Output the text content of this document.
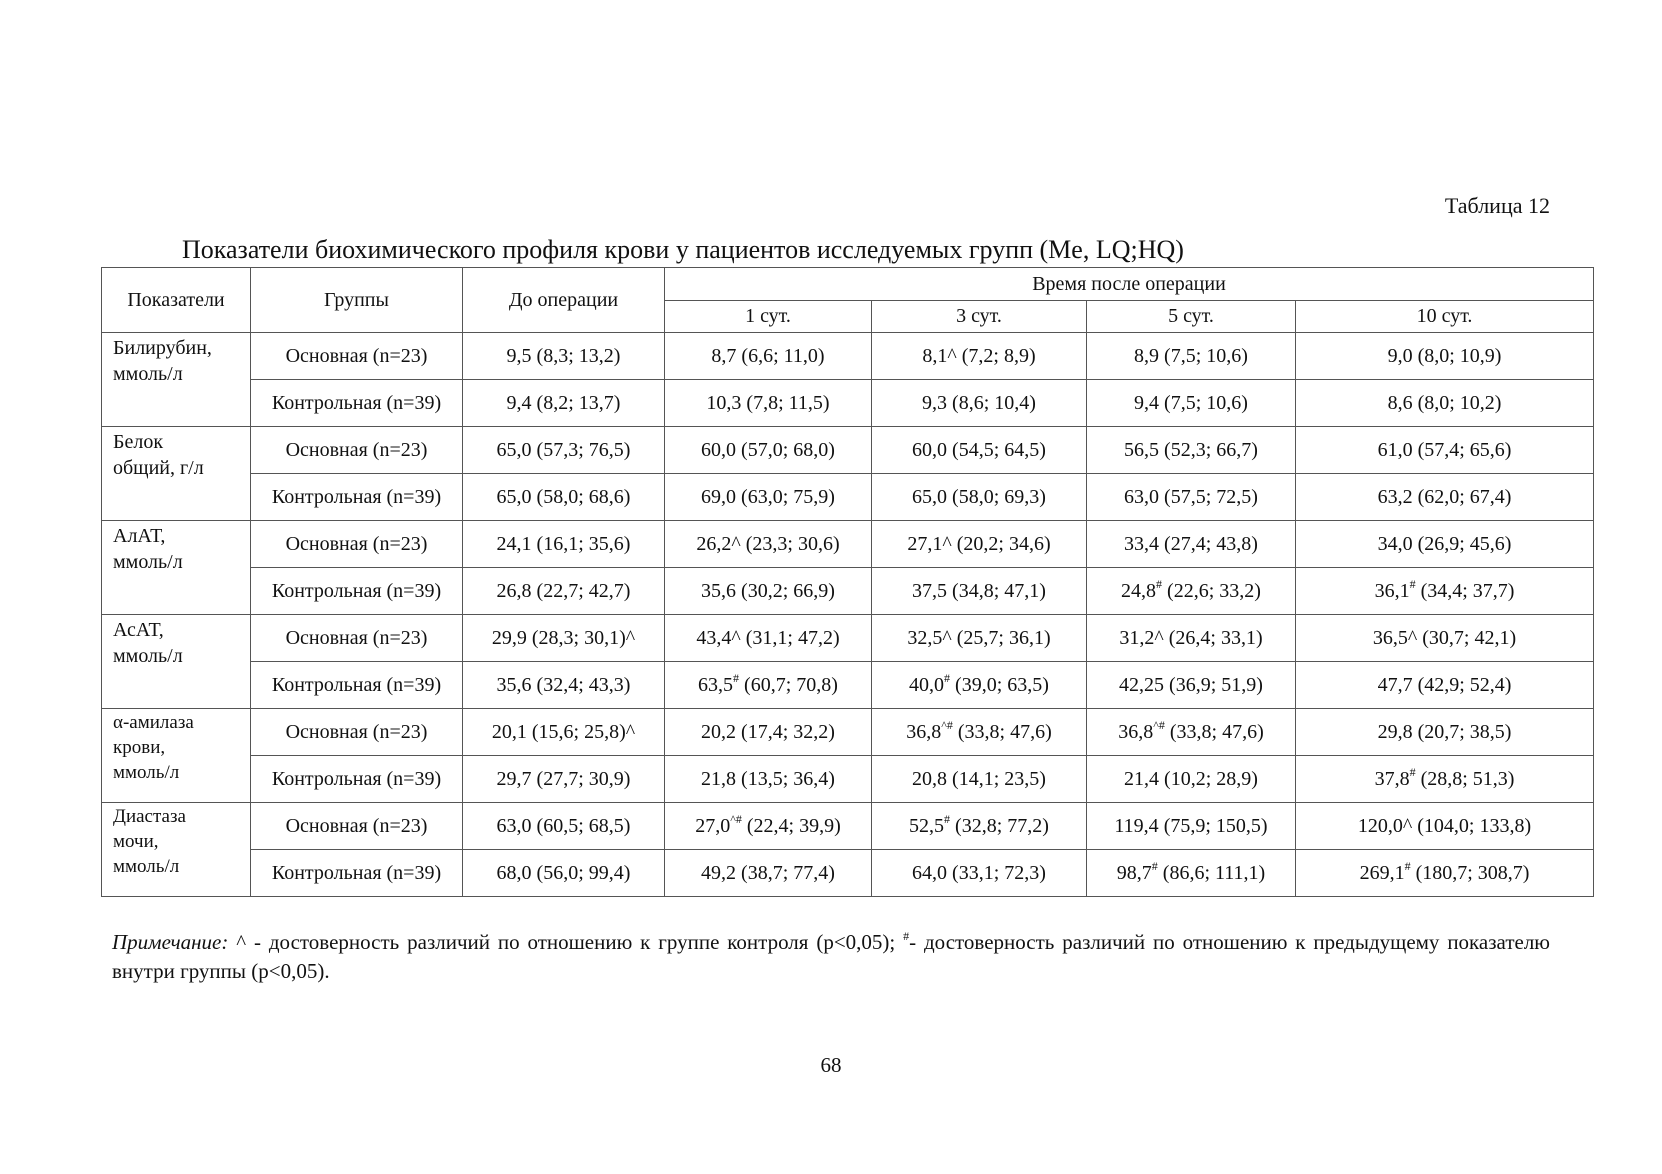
Таблица 12
Показатели биохимического профиля крови у пациентов исследуемых групп (Me, LQ;HQ)
Показатели	Группы	До операции	Время после операции			
			1 сут.	3 сут.	5 сут.	10 сут.

Билирубин,
ммоль/л	Основная (n=23)	9,5 (8,3; 13,2)	8,7 (6,6; 11,0)	8,1^ (7,2; 8,9)	8,9 (7,5; 10,6)	9,0 (8,0; 10,9)
	Контрольная (n=39)	9,4 (8,2; 13,7)	10,3 (7,8; 11,5)	9,3 (8,6; 10,4)	9,4 (7,5; 10,6)	8,6 (8,0; 10,2)

Белок
общий, г/л	Основная (n=23)	65,0 (57,3; 76,5)	60,0 (57,0; 68,0)	60,0 (54,5; 64,5)	56,5 (52,3; 66,7)	61,0 (57,4; 65,6)
	Контрольная (n=39)	65,0 (58,0; 68,6)	69,0 (63,0; 75,9)	65,0 (58,0; 69,3)	63,0 (57,5; 72,5)	63,2 (62,0; 67,4)

АлАТ,
ммоль/л	Основная (n=23)	24,1 (16,1; 35,6)	26,2^ (23,3; 30,6)	27,1^ (20,2; 34,6)	33,4 (27,4; 43,8)	34,0 (26,9; 45,6)
	Контрольная (n=39)	26,8 (22,7; 42,7)	35,6 (30,2; 66,9)	37,5 (34,8; 47,1)	24,8# (22,6; 33,2)	36,1# (34,4; 37,7)

АсАТ,
ммоль/л	Основная (n=23)	29,9 (28,3; 30,1)^	43,4^ (31,1; 47,2)	32,5^ (25,7; 36,1)	31,2^ (26,4; 33,1)	36,5^ (30,7; 42,1)
	Контрольная (n=39)	35,6 (32,4; 43,3)	63,5# (60,7; 70,8)	40,0# (39,0; 63,5)	42,25 (36,9; 51,9)	47,7 (42,9; 52,4)

α-амилаза
крови,
ммоль/л	Основная (n=23)	20,1 (15,6; 25,8)^	20,2 (17,4; 32,2)	36,8^# (33,8; 47,6)	36,8^# (33,8; 47,6)	29,8 (20,7; 38,5)
	Контрольная (n=39)	29,7 (27,7; 30,9)	21,8 (13,5; 36,4)	20,8 (14,1; 23,5)	21,4 (10,2; 28,9)	37,8# (28,8; 51,3)

Диастаза
мочи,
ммоль/л	Основная (n=23)	63,0 (60,5; 68,5)	27,0^# (22,4; 39,9)	52,5# (32,8; 77,2)	119,4 (75,9; 150,5)	120,0^ (104,0; 133,8)
	Контрольная (n=39)	68,0 (56,0; 99,4)	49,2 (38,7; 77,4)	64,0 (33,1; 72,3)	98,7# (86,6; 111,1)	269,1# (180,7; 308,7)
Примечание: ^ - достоверность различий по отношению к группе контроля (p<0,05); #- достоверность различий по отношению к предыдущему показателю внутри группы (p<0,05).
68
